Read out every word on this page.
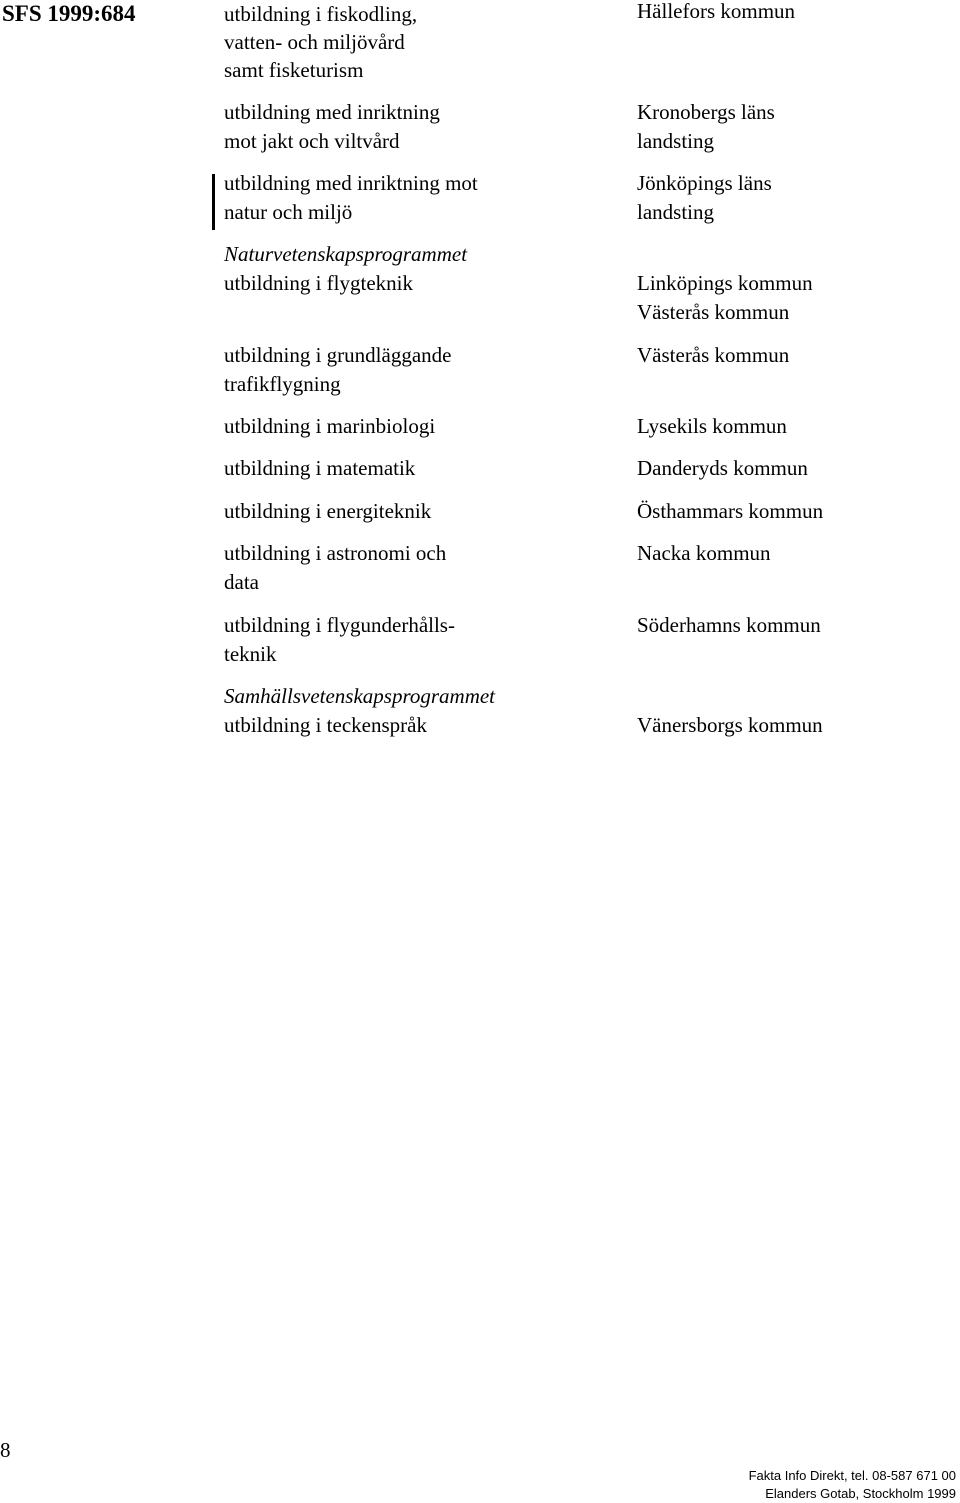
SFS 1999:684	utbildning i fiskodling,
vatten- och miljövård
samt fisketurism
utbildning med inriktning
mot jakt och viltvård
utbildning med inriktning mot
natur och miljö
Naturvetenskapsprogrammet
utbildning i flygteknik
utbildning i grundläggande
trafikflygning
utbildning i marinbiologi
utbildning i matematik
utbildning i energiteknik
utbildning i astronomi och
data
utbildning i flygunderhålls-
teknik
Samhällsvetenskapsprogrammet
utbildning i teckenspråk
Hällefors kommun
Kronobergs läns
landsting
Jönköpings läns
landsting
Linköpings kommun
Västerås kommun
Västerås kommun
Lysekils kommun
Danderyds kommun
Östhammars kommun
Nacka kommun
Söderhamns kommun
Vänersborgs kommun
8
Fakta Info Direkt, tel. 08-587 671 00
Elanders Gotab, Stockholm 1999
